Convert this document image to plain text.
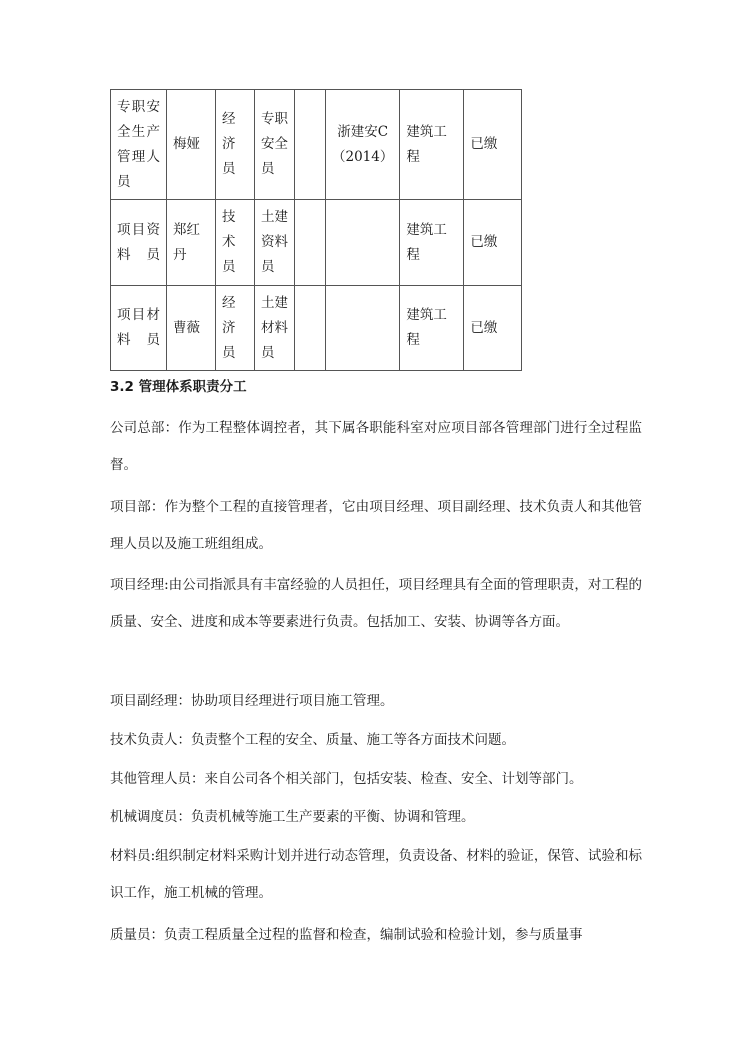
专职安全生产管理人员	梅娅	经济员	专职安全员		浙建安C（2014）	建筑工程	已缴
项目资料员	郑红丹	技术员	土建资料员			建筑工程	已缴
项目材料员	曹薇	经济员	土建材料员			建筑工程	已缴
3.2 管理体系职责分工
公司总部：作为工程整体调控者，其下属各职能科室对应项目部各管理部门进行全过程监督。
项目部：作为整个工程的直接管理者，它由项目经理、项目副经理、技术负责人和其他管理人员以及施工班组组成。
项目经理:由公司指派具有丰富经验的人员担任，项目经理具有全面的管理职责，对工程的质量、安全、进度和成本等要素进行负责。包括加工、安装、协调等各方面。
项目副经理：协助项目经理进行项目施工管理。
技术负责人：负责整个工程的安全、质量、施工等各方面技术问题。
其他管理人员：来自公司各个相关部门，包括安装、检查、安全、计划等部门。
机械调度员：负责机械等施工生产要素的平衡、协调和管理。
材料员:组织制定材料采购计划并进行动态管理，负责设备、材料的验证，保管、试验和标识工作，施工机械的管理。
质量员：负责工程质量全过程的监督和检查，编制试验和检验计划，参与质量事
